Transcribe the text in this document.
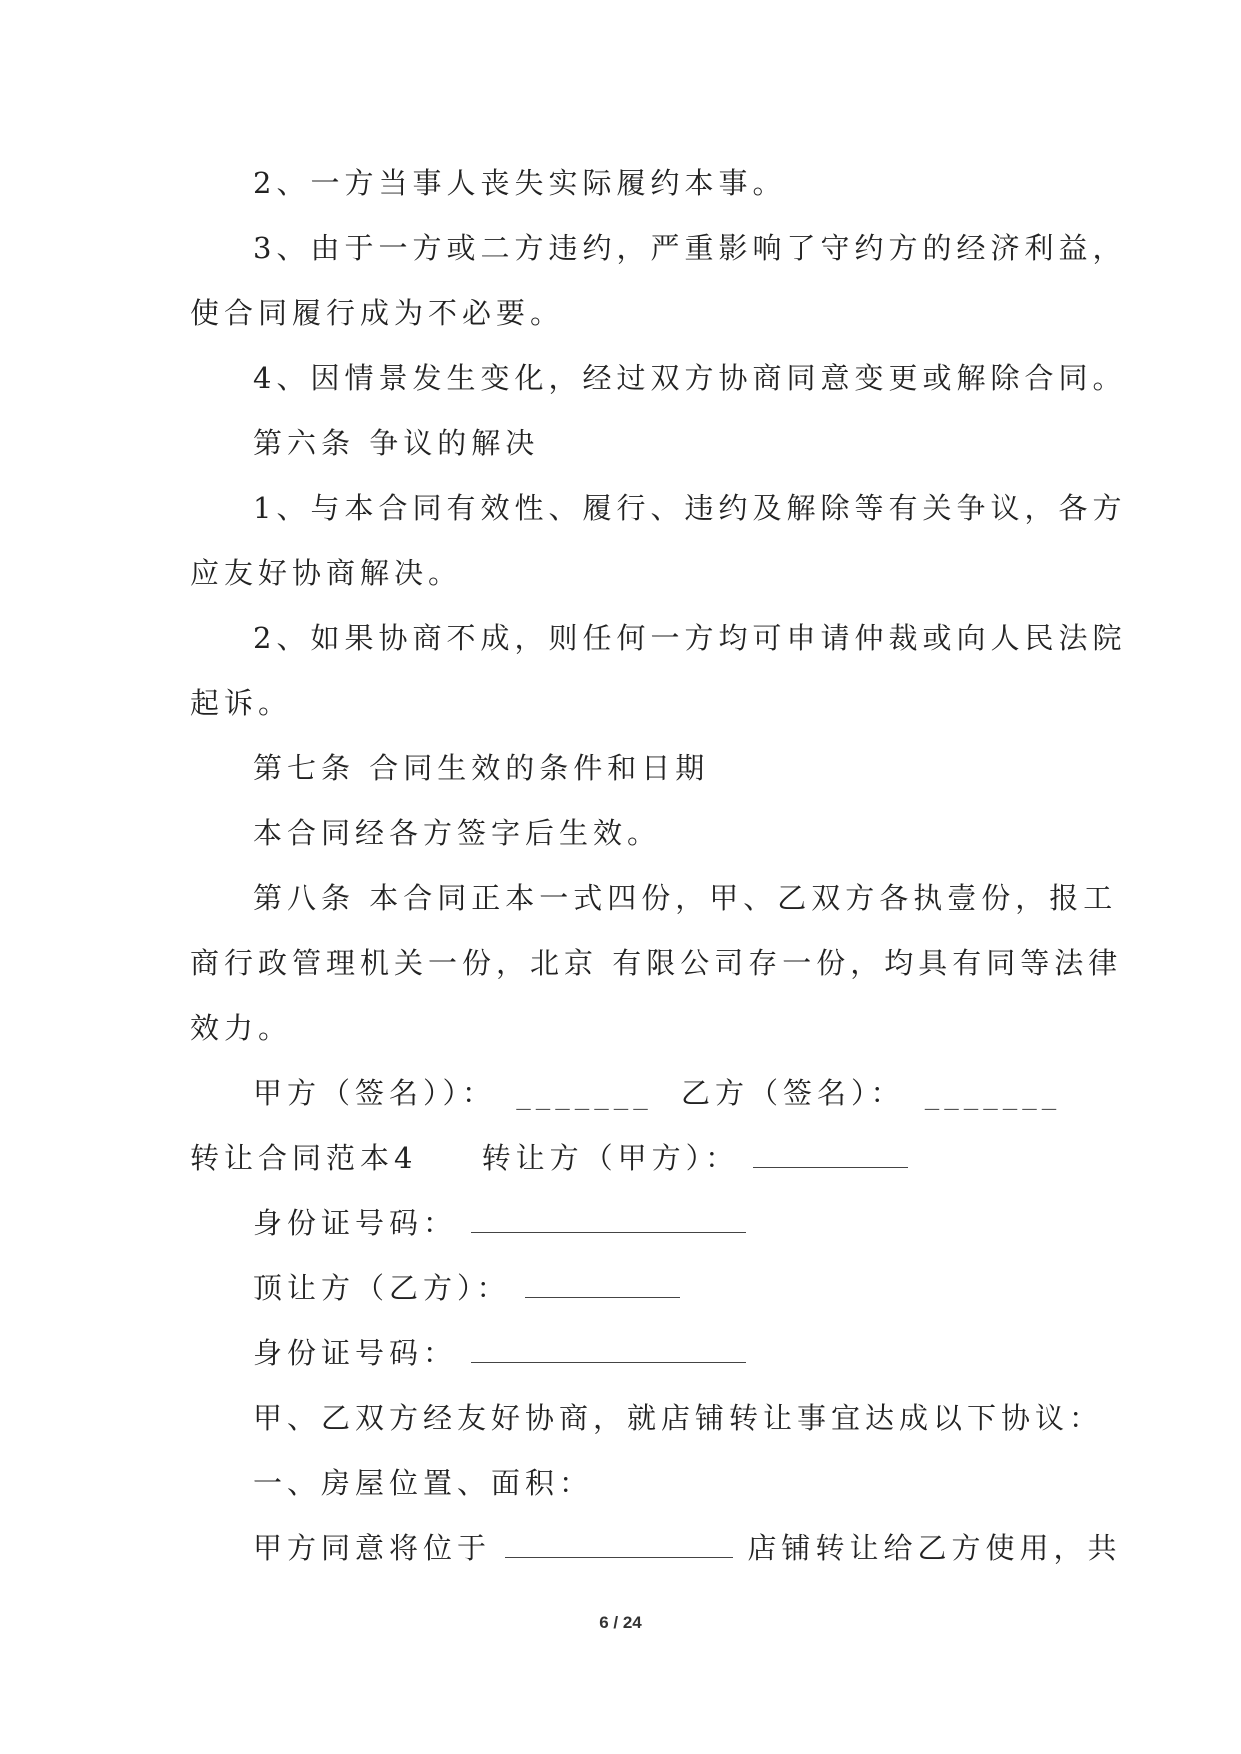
2、一方当事人丧失实际履约本事。
3、由于一方或二方违约，严重影响了守约方的经济利益，
使合同履行成为不必要。
4、因情景发生变化，经过双方协商同意变更或解除合同。
第六条 争议的解决
1、与本合同有效性、履行、违约及解除等有关争议，各方
应友好协商解决。
2、如果协商不成，则任何一方均可申请仲裁或向人民法院
起诉。
第七条 合同生效的条件和日期
本合同经各方签字后生效。
第八条 本合同正本一式四份，甲、乙双方各执壹份，报工
商行政管理机关一份，北京 有限公司存一份，均具有同等法律
效力。
甲方（签名））： _______ 乙方（签名）： _______
转让合同范本4 转让方（甲方）：
身份证号码：
顶让方（乙方）：
身份证号码：
甲、乙双方经友好协商，就店铺转让事宜达成以下协议：
一、房屋位置、面积：
甲方同意将位于	店铺转让给乙方使用，共
6 / 24
